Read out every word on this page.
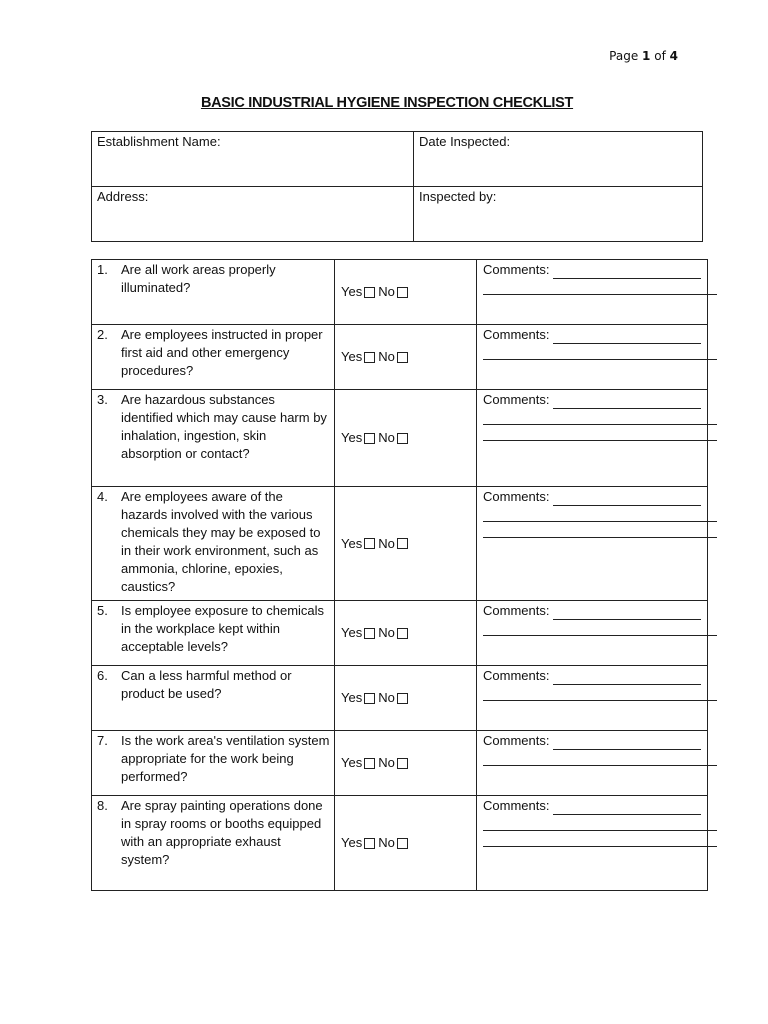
Page 1 of 4
BASIC INDUSTRIAL HYGIENE INSPECTION CHECKLIST
Establishment Name:	Date Inspected:
Address:	Inspected by:
1. Are all work areas properly illuminated?	Yes No	Comments:

2. Are employees instructed in proper first aid and other emergency procedures?	Yes No	Comments:

3. Are hazardous substances identified which may cause harm by inhalation, ingestion, skin absorption or contact?	Yes No	Comments:

4. Are employees aware of the hazards involved with the various chemicals they may be exposed to in their work environment, such as ammonia, chlorine, epoxies, caustics?	Yes No	Comments:

5. Is employee exposure to chemicals in the workplace kept within acceptable levels?	Yes No	Comments:

6. Can a less harmful method or product be used?	Yes No	Comments:

7. Is the work area's ventilation system appropriate for the work being performed?	Yes No	Comments:

8. Are spray painting operations done in spray rooms or booths equipped with an appropriate exhaust system?	Yes No	Comments:
